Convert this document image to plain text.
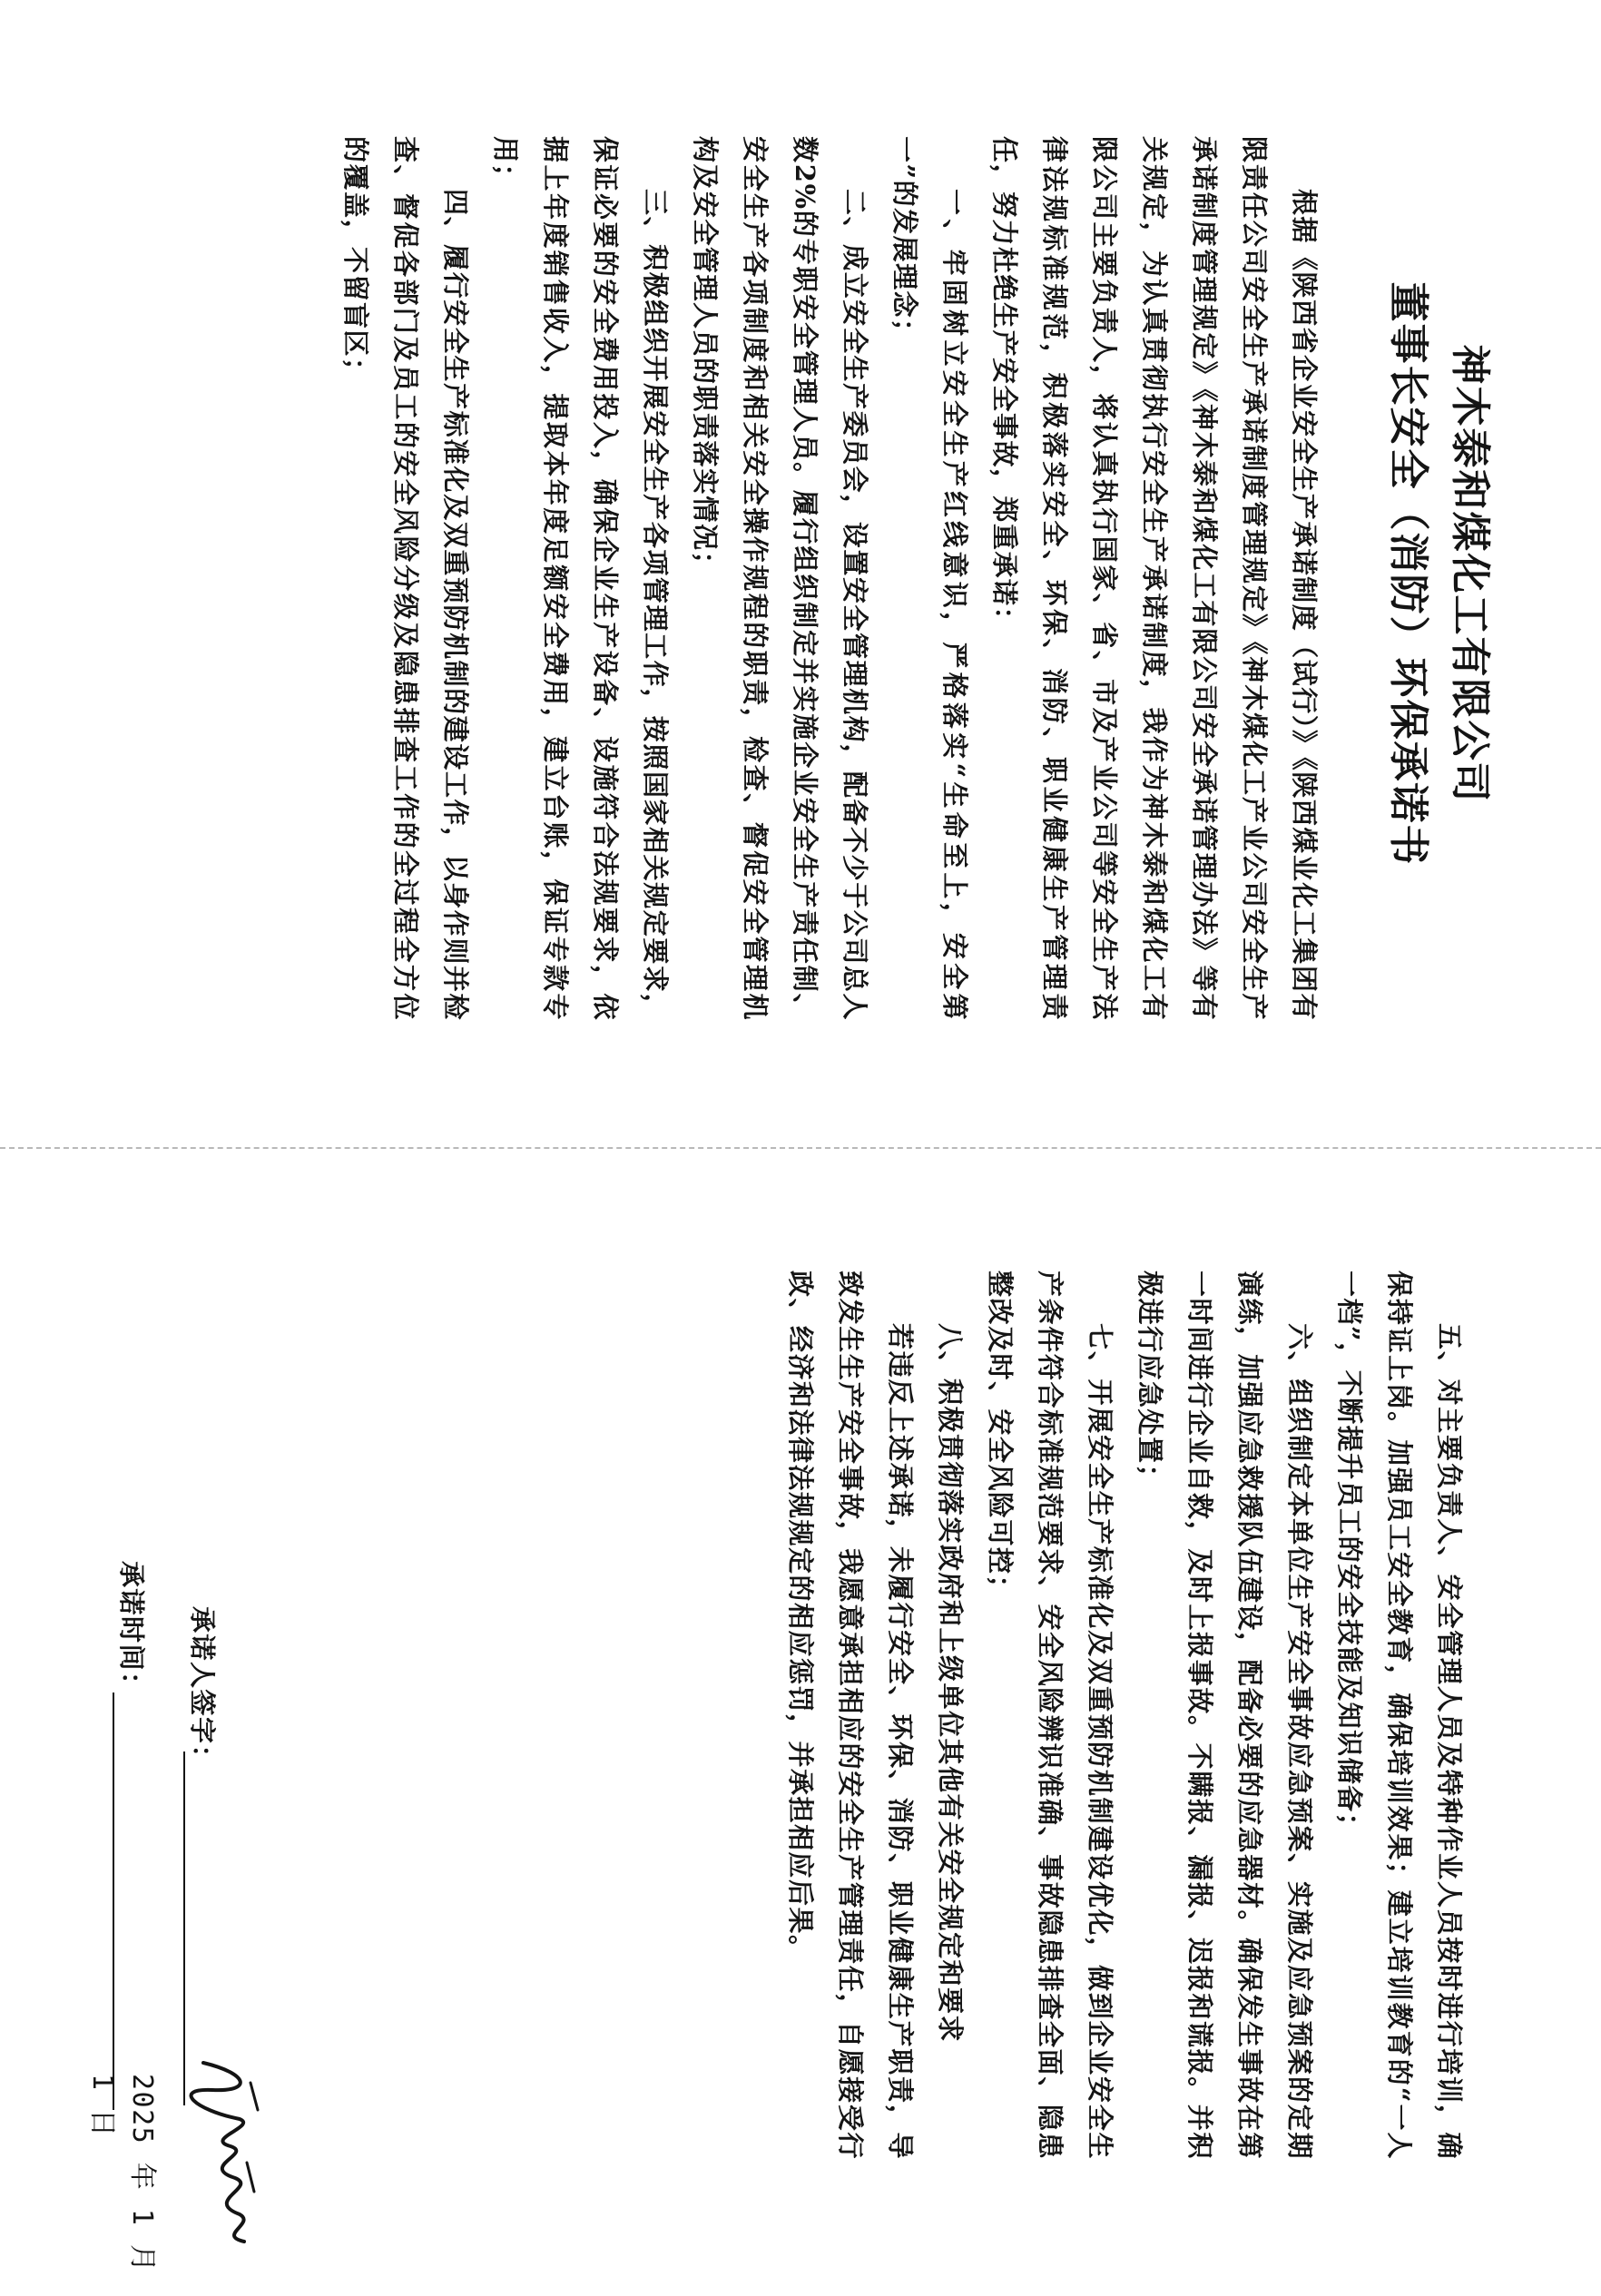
神木泰和煤化工有限公司
董事长安全（消防）环保承诺书

根据《陕西省企业安全生产承诺制度（试行）》《陕西煤业化工集团有限责任公司安全生产承诺制度管理规定》《神木煤化工产业公司安全生产承诺制度管理规定》《神木泰和煤化工有限公司安全承诺管理办法》等有关规定，为认真贯彻执行安全生产承诺制度，我作为神木泰和煤化工有限公司主要负责人，将认真执行国家、省、市及产业公司等安全生产法律法规标准规范，积极落实安全、环保、消防、职业健康生产管理责任，努力杜绝生产安全事故，郑重承诺：

一、牢固树立安全生产红线意识，严格落实“生命至上，安全第一”的发展理念；

二、成立安全生产委员会，设置安全管理机构，配备不少于公司总人数2%的专职安全管理人员。履行组织制定并实施企业安全生产责任制、安全生产各项制度和相关安全操作规程的职责，检查、督促安全管理机构及安全管理人员的职责落实情况；

三、积极组织开展安全生产各项管理工作，按照国家相关规定要求，保证必要的安全费用投入，确保企业生产设备、设施符合法规要求，依据上年度销售收入，提取本年度足额安全费用，建立台账，保证专款专用；

四、履行安全生产标准化及双重预防机制的建设工作，以身作则并检查、督促各部门及员工的安全风险分级及隐患排查工作的全过程全方位的覆盖，不留盲区；

五、对主要负责人、安全管理人员及特种作业人员按时进行培训，确保持证上岗。加强员工安全教育，确保培训效果；建立培训教育的“一人一档”，不断提升员工的安全技能及知识储备；

六、组织制定本单位生产安全事故应急预案、实施及应急预案的定期演练，加强应急救援队伍建设，配备必要的应急器材。确保发生事故在第一时间进行企业自救，及时上报事故。不瞒报、漏报、迟报和谎报。并积极进行应急处置；

七、开展安全生产标准化及双重预防机制建设优化，做到企业安全生产条件符合标准规范要求、安全风险辨识准确、事故隐患排查全面、隐患整改及时、安全风险可控；

八、积极贯彻落实政府和上级单位其他有关安全规定和要求

若违反上述承诺，未履行安全、环保、消防、职业健康生产职责，导致发生生产安全事故，我愿意承担相应的安全生产管理责任，自愿接受行政、经济和法律法规规定的相应惩罚，并承担相应后果。

承诺人签字：
承诺时间：
2025 年 1 月 1 日
